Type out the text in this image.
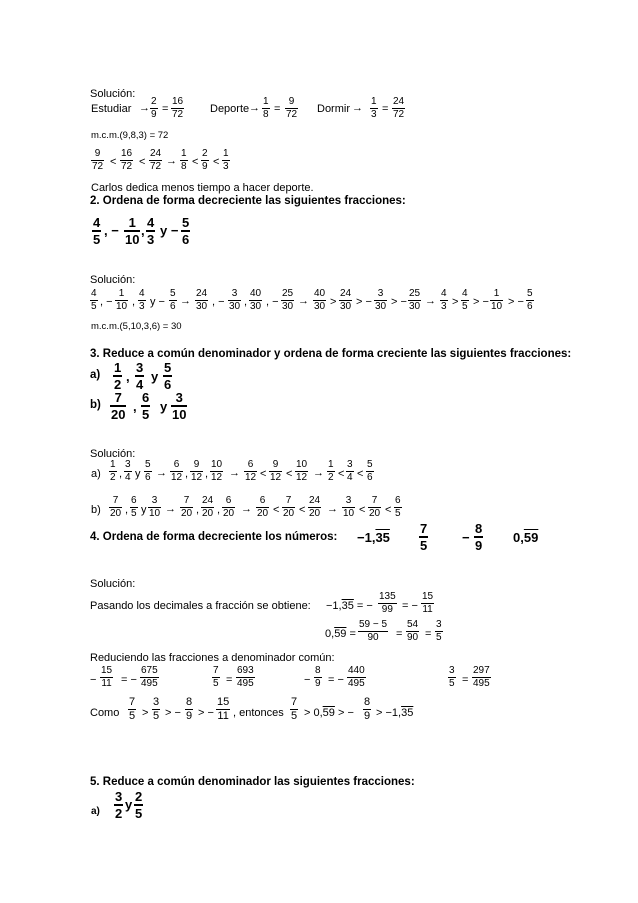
Solución:
Estudiar →
2
9 =
16
72 Deporte →
1
8 =
9
72 Dormir →
1
3 =
24
72
m.c.m.(9,8,3) = 72
9
72 <
16
72 <
24
72 →
1
8 <
2
9 <
1
3
Carlos dedica menos tiempo a hacer deporte.
2. Ordena de forma decreciente las siguientes fracciones:
4
5
, −
1
10
,
4
3
y −
5
6
Solución:
4
5 , −
1
10 ,
4
3 y −
5
6 →
24
30 , −
3
30 ,
40
30 , −
25
30 →
40
30 >
24
30 > −
3
30 > −
25
30 →
4
3 >
4
5 > −
1
10 > −
5
6
m.c.m.(5,10,3,6) = 30
3. Reduce a común denominador y ordena de forma creciente las siguientes fracciones:
a) 1
2
,
3
4
y
5
6
b) 7
20
,
6
5
y
3
10
Solución:
a)
1
2 ,
3
4 y
5
6 →
6
12 ,
9
12 ,
10
12 →
6
12 <
9
12 <
10
12 →
1
2 <
3
4 <
5
6
b)
7
20 ,
6
5 y
3
10 →
7
20 ,
24
20 ,
6
20 →
6
20 <
7
20 <
24
20 →
3
10 <
7
20 <
6
5
4. Ordena de forma decreciente los números: −1,35
7
5
−
8
9
0,59
Solución:
Pasando los decimales a fracción se obtiene: −1,35 = −
135
99 = −
15
11
0,59 =
59 − 5
90 =
54
90 =
3
5
Reduciendo las fracciones a denominador común:
−
15
11 = −
675
495
7
5 =
693
495	−
8
9 = −
440
495
3
5 =
297
495
Como
7
5 >
3
5 > −
8
9 > −
15
11 , entonces
7
5 > 0,59 > −
8
9 > −1,35
5. Reduce a común denominador las siguientes fracciones:
a)
3
2
y
2
5
